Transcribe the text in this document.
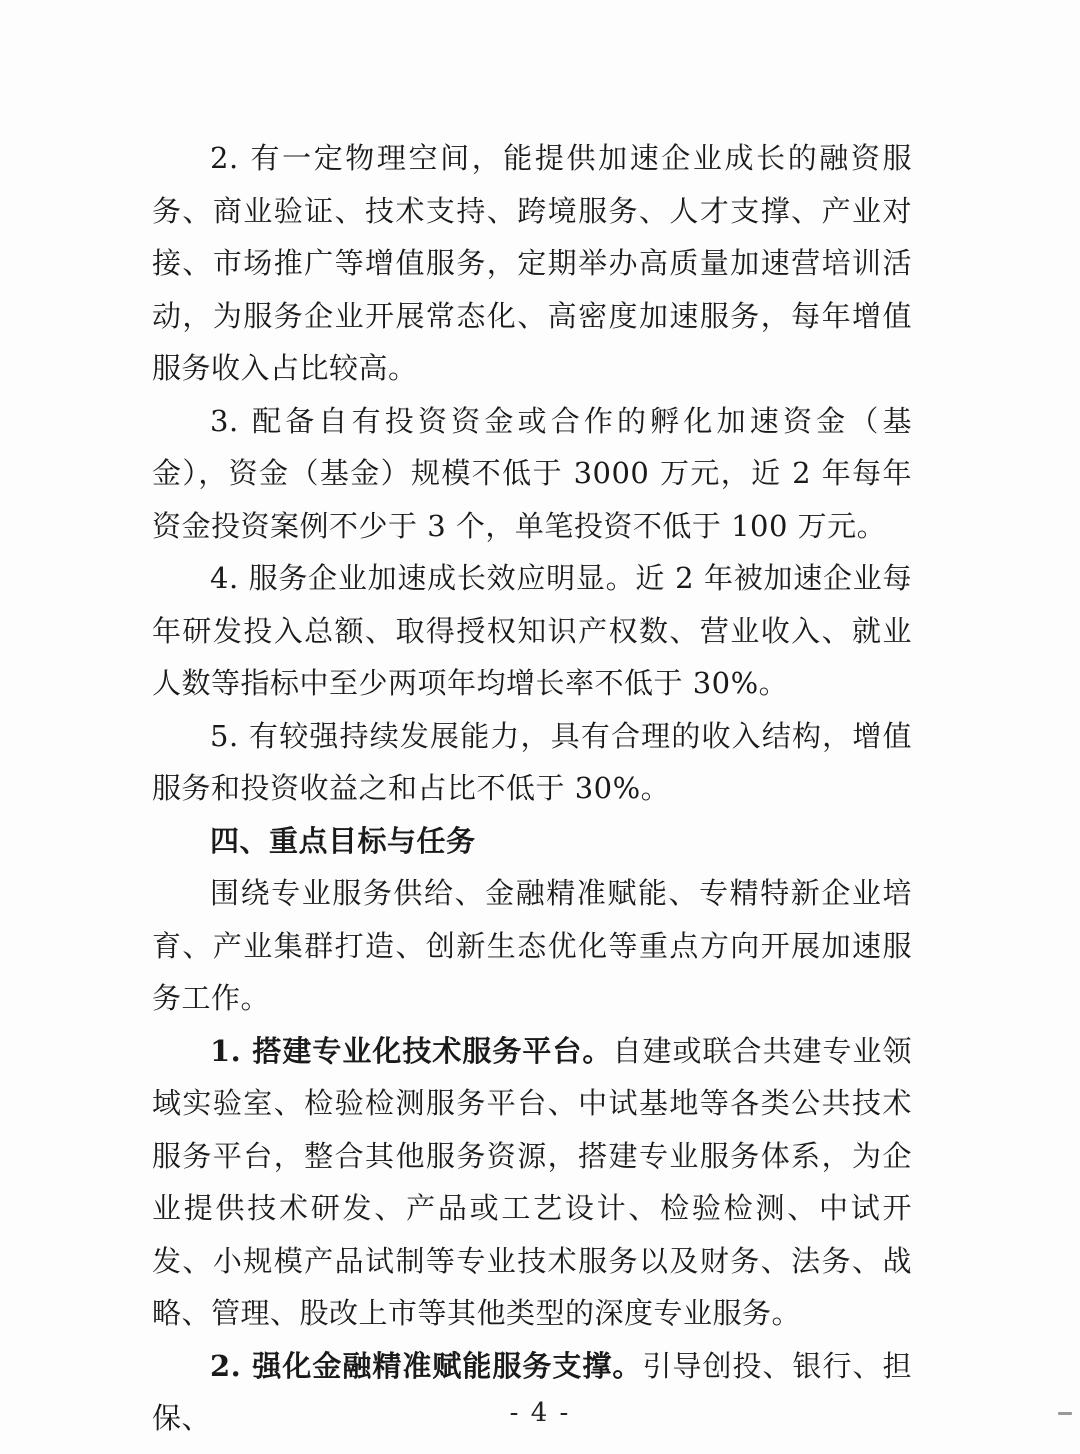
2. 有一定物理空间，能提供加速企业成长的融资服务、商业验证、技术支持、跨境服务、人才支撑、产业对接、市场推广等增值服务，定期举办高质量加速营培训活动，为服务企业开展常态化、高密度加速服务，每年增值服务收入占比较高。

3. 配备自有投资资金或合作的孵化加速资金（基金），资金（基金）规模不低于 3000 万元，近 2 年每年资金投资案例不少于 3 个，单笔投资不低于 100 万元。

4. 服务企业加速成长效应明显。近 2 年被加速企业每年研发投入总额、取得授权知识产权数、营业收入、就业人数等指标中至少两项年均增长率不低于 30%。

5. 有较强持续发展能力，具有合理的收入结构，增值服务和投资收益之和占比不低于 30%。

四、重点目标与任务

围绕专业服务供给、金融精准赋能、专精特新企业培育、产业集群打造、创新生态优化等重点方向开展加速服务工作。

1. 搭建专业化技术服务平台。自建或联合共建专业领域实验室、检验检测服务平台、中试基地等各类公共技术服务平台，整合其他服务资源，搭建专业服务体系，为企业提供技术研发、产品或工艺设计、检验检测、中试开发、小规模产品试制等专业技术服务以及财务、法务、战略、管理、股改上市等其他类型的深度专业服务。

2. 强化金融精准赋能服务支撑。引导创投、银行、担保、	- 4 -
